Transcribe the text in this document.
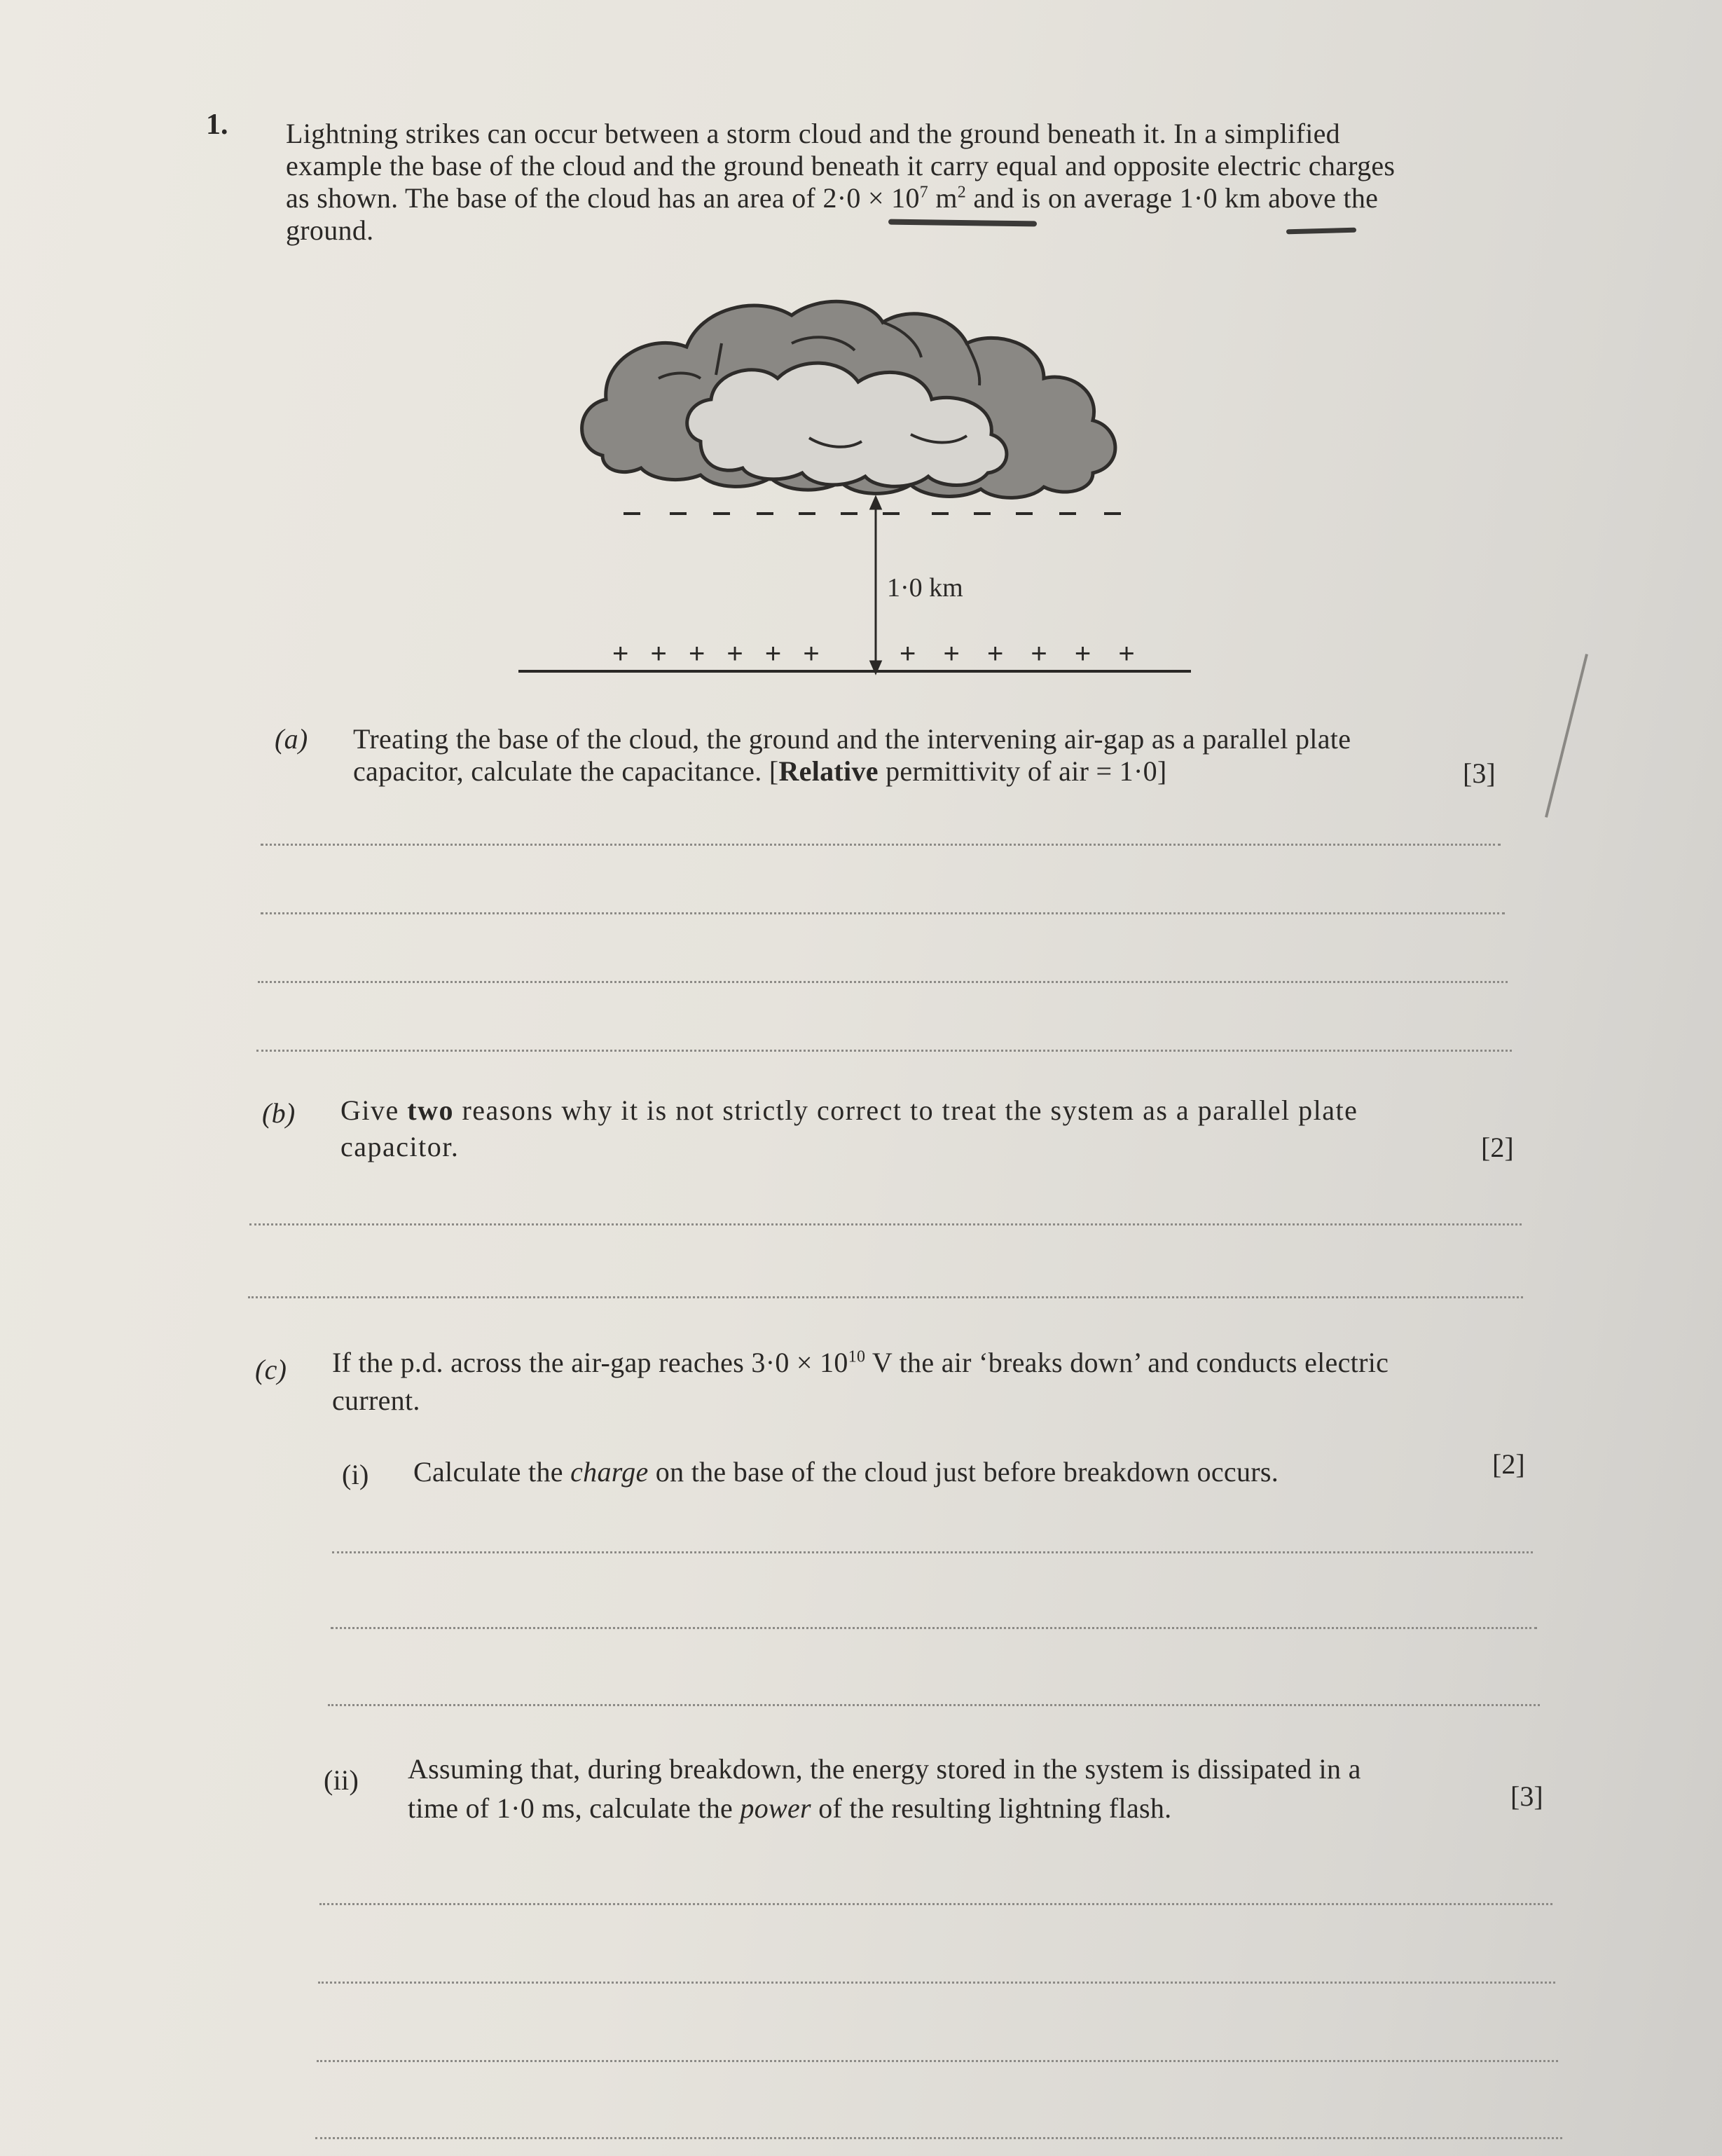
1. Lightning strikes can occur between a storm cloud and the ground beneath it. In a simplified
example the base of the cloud and the ground beneath it carry equal and opposite electric charges
as shown. The base of the cloud has an area of $2\cdot 0 \times 10^7$ $m^2$ and is on average 1·0 km above the
ground.
1·0 km
+ + + + + +	+ + + + + +
(a) Treating the base of the cloud, the ground and the intervening air-gap as a parallel plate
capacitor, calculate the capacitance. [Relative permittivity of air = 1·0]	[3]
(b) Give two reasons why it is not strictly correct to treat the system as a parallel plate
capacitor.	[2]
(c) If the p.d. across the air-gap reaches $3\cdot 0 \times 10^{10}$ V the air ‘breaks down’ and conducts electric
current.
(i) Calculate the charge on the base of the cloud just before breakdown occurs.	[2]
(ii) Assuming that, during breakdown, the energy stored in the system is dissipated in a
time of 1·0 ms, calculate the power of the resulting lightning flash.	[3]
